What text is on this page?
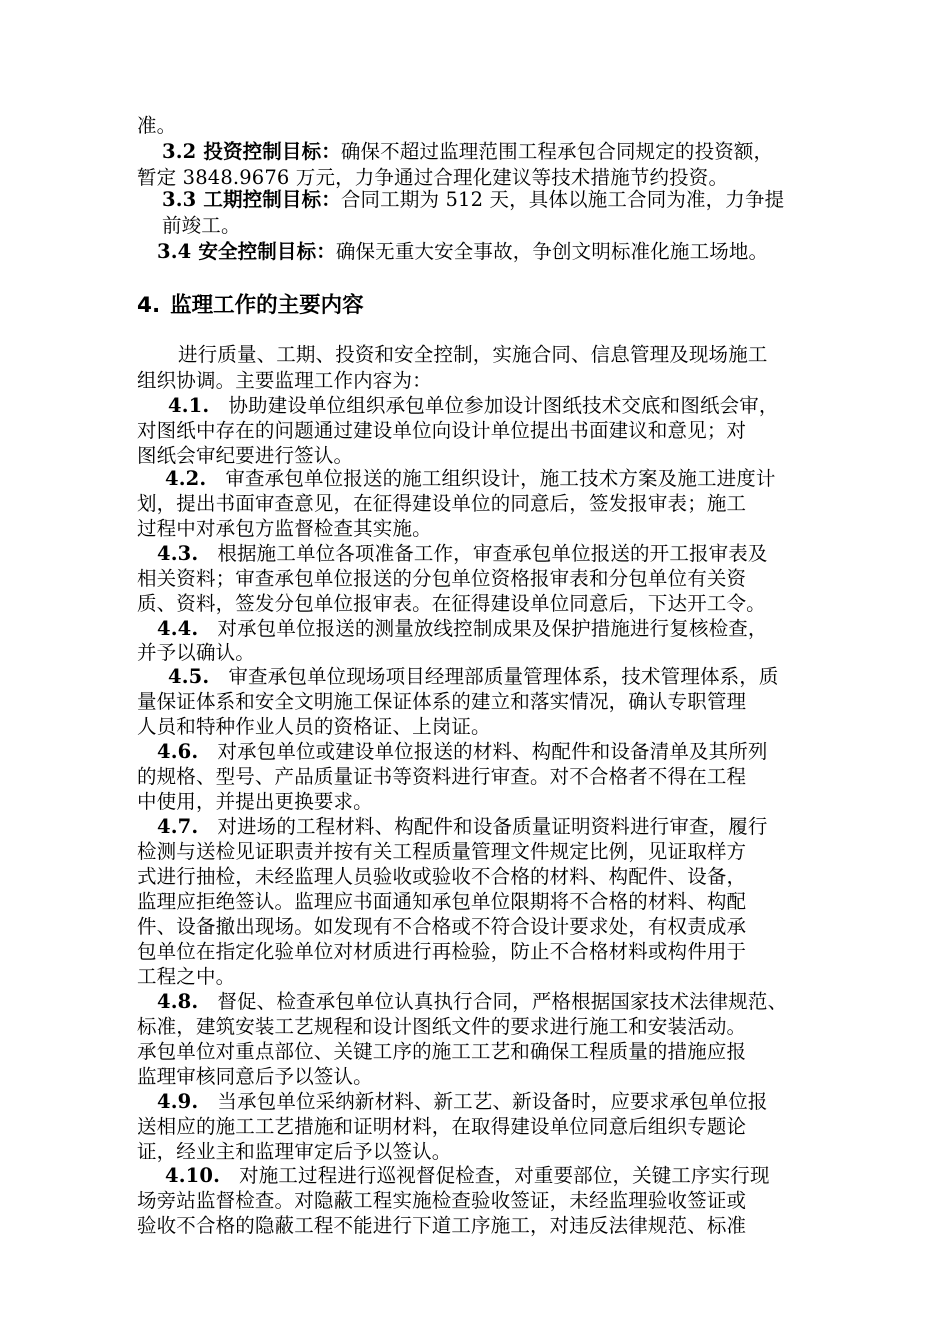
准。
3.2 投资控制目标：确保不超过监理范围工程承包合同规定的投资额，
暂定 3848.9676 万元，力争通过合理化建议等技术措施节约投资。
3.3 工期控制目标：合同工期为 512 天，具体以施工合同为准，力争提
前竣工。
3.4 安全控制目标：确保无重大安全事故，争创文明标准化施工场地。
4. 监理工作的主要内容
进行质量、工期、投资和安全控制，实施合同、信息管理及现场施工
组织协调。主要监理工作内容为：
4.1. 协助建设单位组织承包单位参加设计图纸技术交底和图纸会审，
对图纸中存在的问题通过建设单位向设计单位提出书面建议和意见；对
图纸会审纪要进行签认。
4.2. 审查承包单位报送的施工组织设计，施工技术方案及施工进度计
划，提出书面审查意见，在征得建设单位的同意后，签发报审表；施工
过程中对承包方监督检查其实施。
4.3. 根据施工单位各项准备工作，审查承包单位报送的开工报审表及
相关资料；审查承包单位报送的分包单位资格报审表和分包单位有关资
质、资料，签发分包单位报审表。在征得建设单位同意后，下达开工令。
4.4. 对承包单位报送的测量放线控制成果及保护措施进行复核检查，
并予以确认。
4.5. 审查承包单位现场项目经理部质量管理体系，技术管理体系，质
量保证体系和安全文明施工保证体系的建立和落实情况，确认专职管理
人员和特种作业人员的资格证、上岗证。
4.6. 对承包单位或建设单位报送的材料、构配件和设备清单及其所列
的规格、型号、产品质量证书等资料进行审查。对不合格者不得在工程
中使用，并提出更换要求。
4.7. 对进场的工程材料、构配件和设备质量证明资料进行审查，履行
检测与送检见证职责并按有关工程质量管理文件规定比例，见证取样方
式进行抽检，未经监理人员验收或验收不合格的材料、构配件、设备，
监理应拒绝签认。监理应书面通知承包单位限期将不合格的材料、构配
件、设备撤出现场。如发现有不合格或不符合设计要求处，有权责成承
包单位在指定化验单位对材质进行再检验，防止不合格材料或构件用于
工程之中。
4.8. 督促、检查承包单位认真执行合同，严格根据国家技术法律规范、
标准，建筑安装工艺规程和设计图纸文件的要求进行施工和安装活动。
承包单位对重点部位、关键工序的施工工艺和确保工程质量的措施应报
监理审核同意后予以签认。
4.9. 当承包单位采纳新材料、新工艺、新设备时，应要求承包单位报
送相应的施工工艺措施和证明材料，在取得建设单位同意后组织专题论
证，经业主和监理审定后予以签认。
4.10. 对施工过程进行巡视督促检查，对重要部位，关键工序实行现
场旁站监督检查。对隐蔽工程实施检查验收签证，未经监理验收签证或
验收不合格的隐蔽工程不能进行下道工序施工，对违反法律规范、标准
